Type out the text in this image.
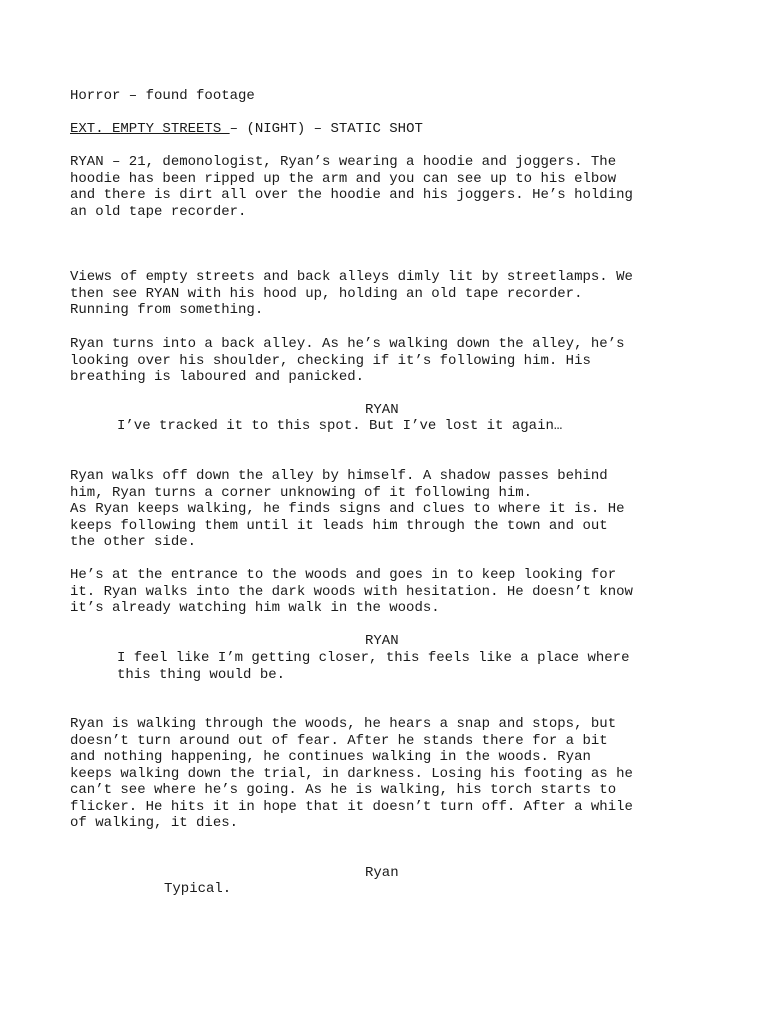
Horror – found footage

EXT. EMPTY STREETS – (NIGHT) – STATIC SHOT

RYAN – 21, demonologist, Ryan’s wearing a hoodie and joggers. The
hoodie has been ripped up the arm and you can see up to his elbow
and there is dirt all over the hoodie and his joggers. He’s holding
an old tape recorder.

Views of empty streets and back alleys dimly lit by streetlamps. We
then see RYAN with his hood up, holding an old tape recorder.
Running from something.

Ryan turns into a back alley. As he’s walking down the alley, he’s
looking over his shoulder, checking if it’s following him. His
breathing is laboured and panicked.

RYAN

I’ve tracked it to this spot. But I’ve lost it again…

Ryan walks off down the alley by himself. A shadow passes behind
him, Ryan turns a corner unknowing of it following him.
As Ryan keeps walking, he finds signs and clues to where it is. He
keeps following them until it leads him through the town and out
the other side.

He’s at the entrance to the woods and goes in to keep looking for
it. Ryan walks into the dark woods with hesitation. He doesn’t know
it’s already watching him walk in the woods.

RYAN

I feel like I’m getting closer, this feels like a place where
this thing would be.

Ryan is walking through the woods, he hears a snap and stops, but
doesn’t turn around out of fear. After he stands there for a bit
and nothing happening, he continues walking in the woods. Ryan
keeps walking down the trial, in darkness. Losing his footing as he
can’t see where he’s going. As he is walking, his torch starts to
flicker. He hits it in hope that it doesn’t turn off. After a while
of walking, it dies.

Ryan

Typical.
